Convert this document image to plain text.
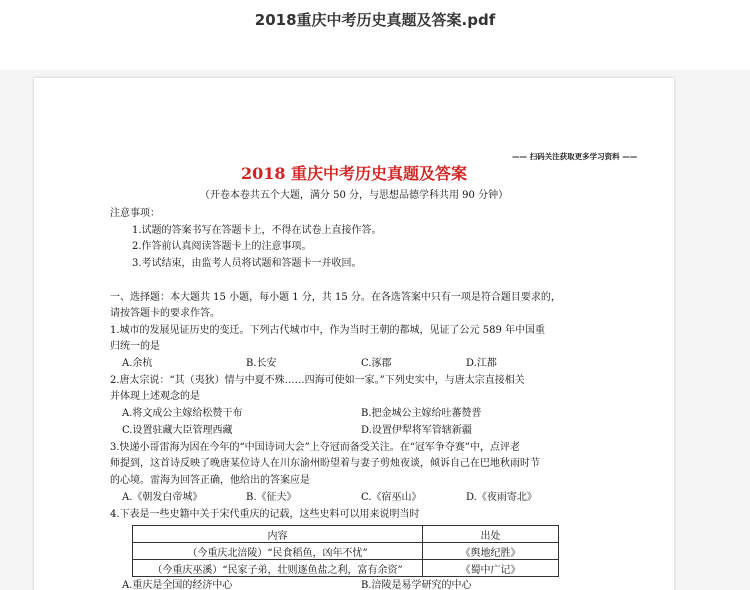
2018重庆中考历史真题及答案.pdf
—— 扫码关注获取更多学习资料 ——
2018 重庆中考历史真题及答案
（开卷本卷共五个大题，满分 50 分，与思想品德学科共用 90 分钟）
注意事项：
1.试题的答案书写在答题卡上，不得在试卷上直接作答。
2.作答前认真阅读答题卡上的注意事项。
3.考试结束，由监考人员将试题和答题卡一并收回。
一、选择题：本大题共 15 小题，每小题 1 分，共 15 分。在各选答案中只有一项是符合题目要求的，
请按答题卡的要求作答。
1.城市的发展见证历史的变迁。下列古代城市中，作为当时王朝的都城，见证了公元 589 年中国重
归统一的是
A.余杭	B.长安	C.涿郡	D.江都
2.唐太宗说：“其（夷狄）情与中夏不殊……四海可使如一家。”下列史实中，与唐太宗直接相关
并体现上述观念的是
A.将文成公主嫁给松赞干布	B.把金城公主嫁给吐蕃赞普
C.设置驻藏大臣管理西藏	D.设置伊犁将军管辖新疆
3.快递小哥雷海为因在今年的“中国诗词大会”上夺冠而备受关注。在“冠军争夺赛”中，点评老
师提到，这首诗反映了晚唐某位诗人在川东渝州盼望着与妻子剪烛夜谈，倾诉自己在巴地秋雨时节
的心境。雷海为回答正确，他给出的答案应是
A.《朝发白帝城》	B.《征夫》	C.《宿巫山》	D.《夜雨寄北》
4.下表是一些史籍中关于宋代重庆的记载，这些史料可以用来说明当时
内容	出处
（今重庆北涪陵）“民食稻鱼，凶年不忧”	《舆地纪胜》
（今重庆巫溪）“民家子弟，壮则逐鱼盐之利，富有余资”	《蜀中广记》
A.重庆是全国的经济中心	B.涪陵是易学研究的中心
